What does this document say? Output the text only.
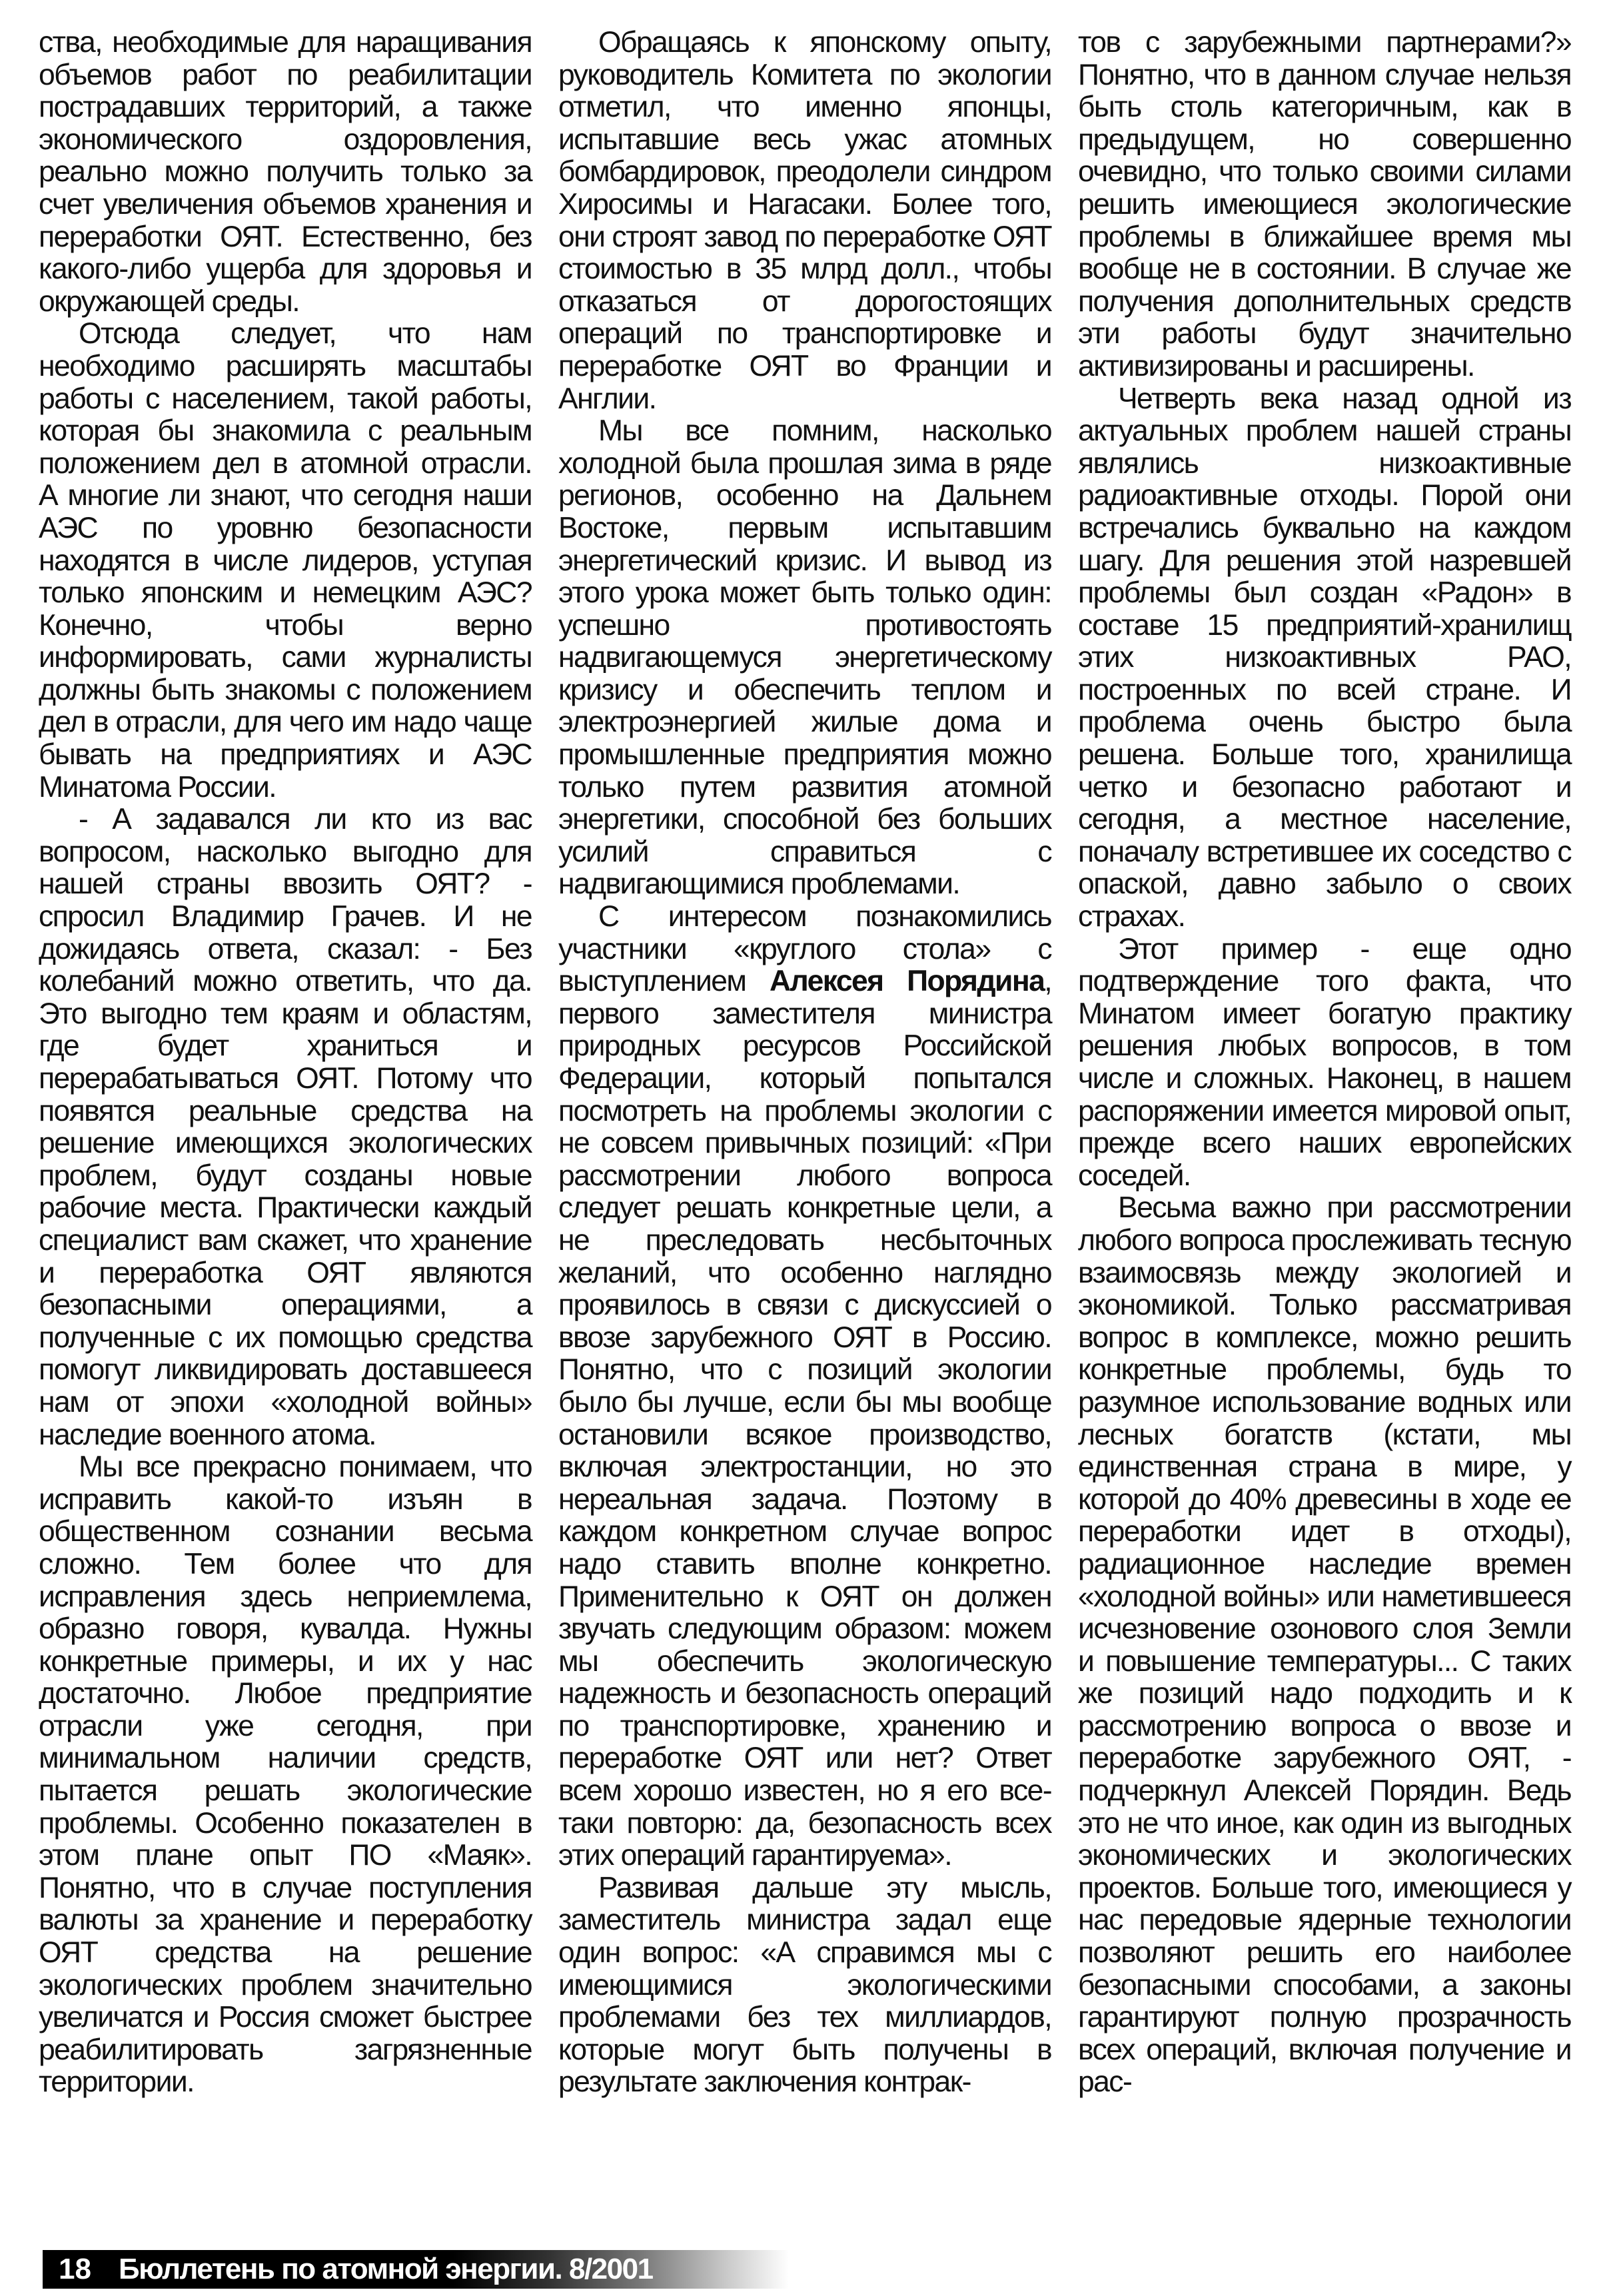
ства, необходимые для наращивания объемов работ по реабилитации пострадавших территорий, а также экономического оздоровления, реально можно получить только за счет увеличения объемов хранения и переработки ОЯТ. Естественно, без какого-либо ущерба для здоровья и окружающей среды.

Отсюда следует, что нам необходимо расширять масштабы работы с населением, такой работы, которая бы знакомила с реальным положением дел в атомной отрасли. А многие ли знают, что сегодня наши АЭС по уровню безопасности находятся в числе лидеров, уступая только японским и немецким АЭС? Конечно, чтобы верно информировать, сами журналисты должны быть знакомы с положением дел в отрасли, для чего им надо чаще бывать на предприятиях и АЭС Минатома России.

- А задавался ли кто из вас вопросом, насколько выгодно для нашей страны ввозить ОЯТ? - спросил Владимир Грачев. И не дожидаясь ответа, сказал: - Без колебаний можно ответить, что да. Это выгодно тем краям и областям, где будет храниться и перерабатываться ОЯТ. Потому что появятся реальные средства на решение имеющихся экологических проблем, будут созданы новые рабочие места. Практически каждый специалист вам скажет, что хранение и переработка ОЯТ являются безопасными операциями, а полученные с их помощью средства помогут ликвидировать доставшееся нам от эпохи «холодной войны» наследие военного атома.

Мы все прекрасно понимаем, что исправить какой-то изъян в общественном сознании весьма сложно. Тем более что для исправления здесь неприемлема, образно говоря, кувалда. Нужны конкретные примеры, и их у нас достаточно. Любое предприятие отрасли уже сегодня, при минимальном наличии средств, пытается решать экологические проблемы. Особенно показателен в этом плане опыт ПО «Маяк». Понятно, что в случае поступления валюты за хранение и переработку ОЯТ средства на решение экологических проблем значительно увеличатся и Россия сможет быстрее реабилитировать загрязненные территории.

Обращаясь к японскому опыту, руководитель Комитета по экологии отметил, что именно японцы, испытавшие весь ужас атомных бомбардировок, преодолели синдром Хиросимы и Нагасаки. Более того, они строят завод по переработке ОЯТ стоимостью в 35 млрд долл., чтобы отказаться от дорогостоящих операций по транспортировке и переработке ОЯТ во Франции и Англии.

Мы все помним, насколько холодной была прошлая зима в ряде регионов, особенно на Дальнем Востоке, первым испытавшим энергетический кризис. И вывод из этого урока может быть только один: успешно противостоять надвигающемуся энергетическому кризису и обеспечить теплом и электроэнергией жилые дома и промышленные предприятия можно только путем развития атомной энергетики, способной без больших усилий справиться с надвигающимися проблемами.

С интересом познакомились участники «круглого стола» с выступлением Алексея Порядина, первого заместителя министра природных ресурсов Российской Федерации, который попытался посмотреть на проблемы экологии с не совсем привычных позиций: «При рассмотрении любого вопроса следует решать конкретные цели, а не преследовать несбыточных желаний, что особенно наглядно проявилось в связи с дискуссией о ввозе зарубежного ОЯТ в Россию. Понятно, что с позиций экологии было бы лучше, если бы мы вообще остановили всякое производство, включая электростанции, но это нереальная задача. Поэтому в каждом конкретном случае вопрос надо ставить вполне конкретно. Применительно к ОЯТ он должен звучать следующим образом: можем мы обеспечить экологическую надежность и безопасность операций по транспортировке, хранению и переработке ОЯТ или нет? Ответ всем хорошо известен, но я его все-таки повторю: да, безопасность всех этих операций гарантируема».

Развивая дальше эту мысль, заместитель министра задал еще один вопрос: «А справимся мы с имеющимися экологическими проблемами без тех миллиардов, которые могут быть получены в результате заключения контрак-

тов с зарубежными партнерами?» Понятно, что в данном случае нельзя быть столь категоричным, как в предыдущем, но совершенно очевидно, что только своими силами решить имеющиеся экологические проблемы в ближайшее время мы вообще не в состоянии. В случае же получения дополнительных средств эти работы будут значительно активизированы и расширены.

Четверть века назад одной из актуальных проблем нашей страны являлись низкоактивные радиоактивные отходы. Порой они встречались буквально на каждом шагу. Для решения этой назревшей проблемы был создан «Радон» в составе 15 предприятий-хранилищ этих низкоактивных РАО, построенных по всей стране. И проблема очень быстро была решена. Больше того, хранилища четко и безопасно работают и сегодня, а местное население, поначалу встретившее их соседство с опаской, давно забыло о своих страхах.

Этот пример - еще одно подтверждение того факта, что Минатом имеет богатую практику решения любых вопросов, в том числе и сложных. Наконец, в нашем распоряжении имеется мировой опыт, прежде всего наших европейских соседей.

Весьма важно при рассмотрении любого вопроса прослеживать тесную взаимосвязь между экологией и экономикой. Только рассматривая вопрос в комплексе, можно решить конкретные проблемы, будь то разумное использование водных или лесных богатств (кстати, мы единственная страна в мире, у которой до 40% древесины в ходе ее переработки идет в отходы), радиационное наследие времен «холодной войны» или наметившееся исчезновение озонового слоя Земли и повышение температуры... С таких же позиций надо подходить и к рассмотрению вопроса о ввозе и переработке зарубежного ОЯТ, - подчеркнул Алексей Порядин. Ведь это не что иное, как один из выгодных экономических и экологических проектов. Больше того, имеющиеся у нас передовые ядерные технологии позволяют решить его наиболее безопасными способами, а законы гарантируют полную прозрачность всех операций, включая получение и рас-

18 Бюллетень по атомной энергии. 8/2001
